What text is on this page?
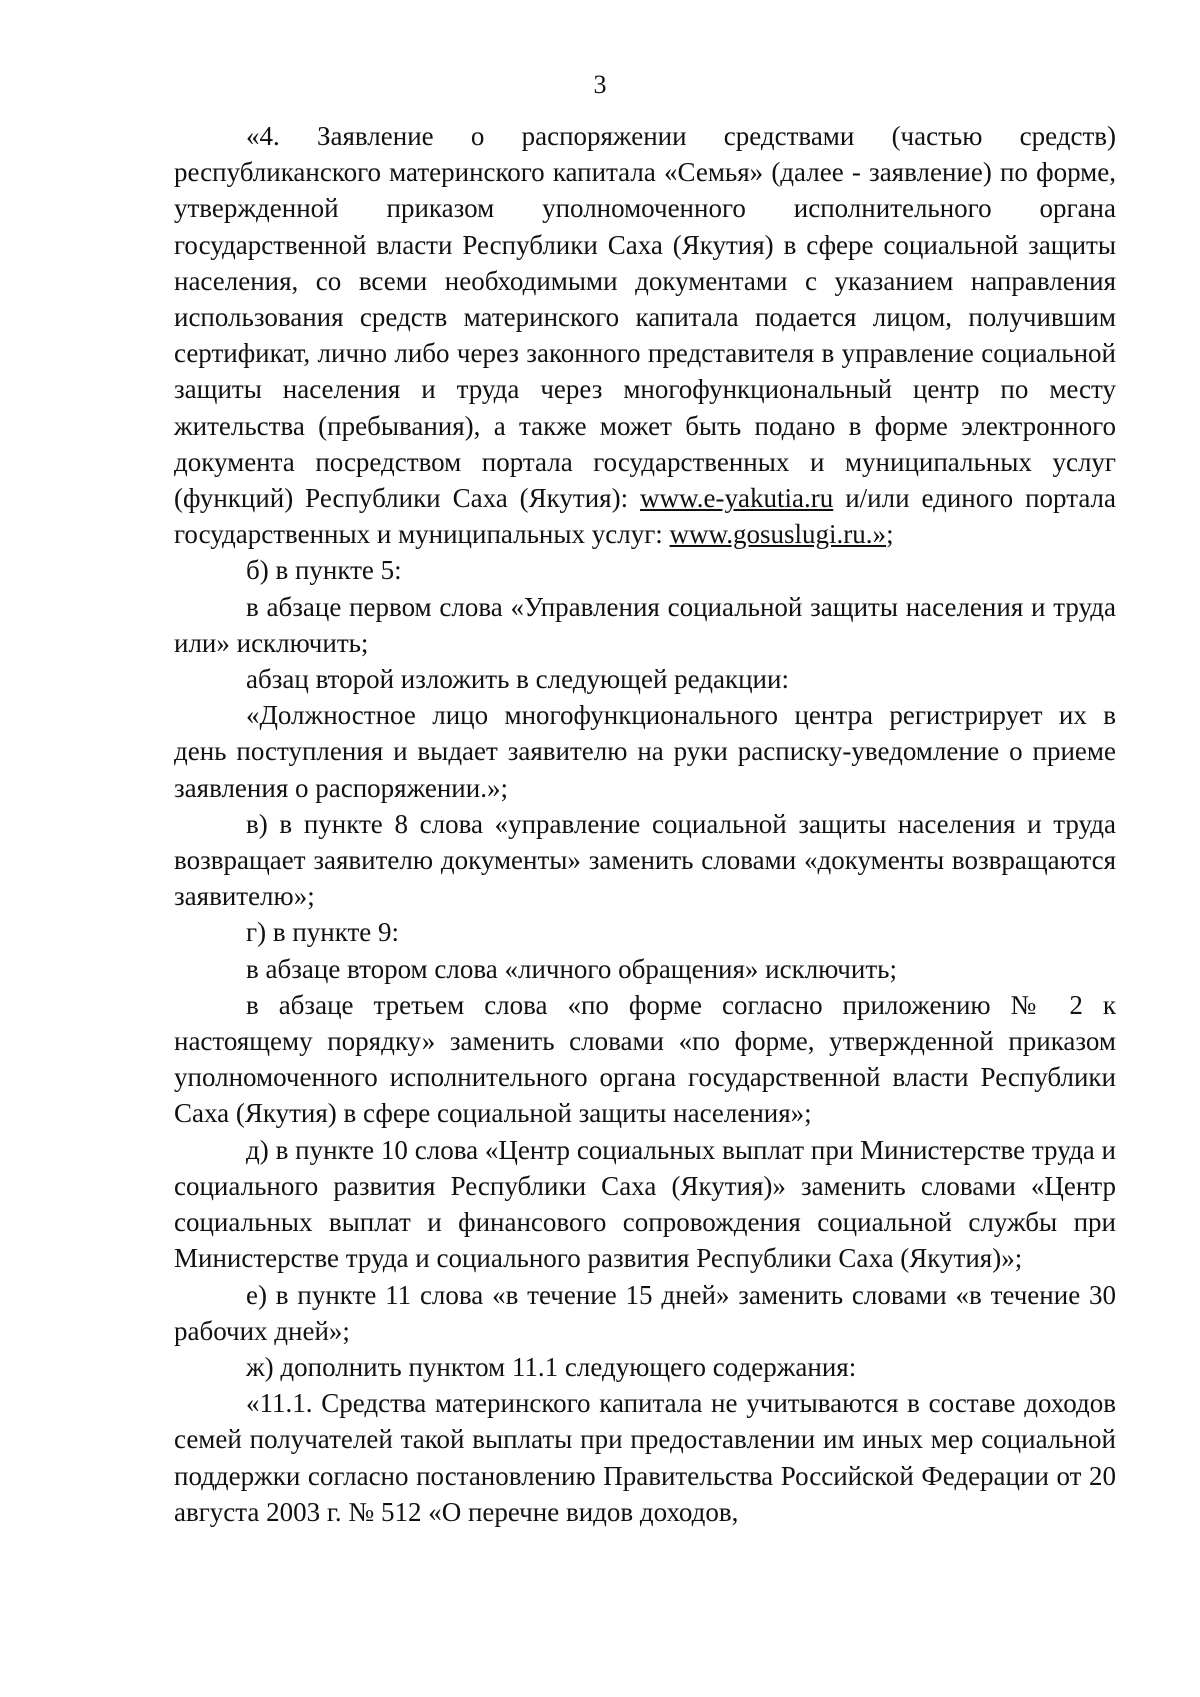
3

«4. Заявление о распоряжении средствами (частью средств) республиканского материнского капитала «Семья» (далее - заявление) по форме, утвержденной приказом уполномоченного исполнительного органа государственной власти Республики Саха (Якутия) в сфере социальной защиты населения, со всеми необходимыми документами с указанием направления использования средств материнского капитала подается лицом, получившим сертификат, лично либо через законного представителя в управление социальной защиты населения и труда через многофункциональный центр по месту жительства (пребывания), а также может быть подано в форме электронного документа посредством портала государственных и муниципальных услуг (функций) Республики Саха (Якутия): www.e-yakutia.ru и/или единого портала государственных и муниципальных услуг: www.gosuslugi.ru.»;

б) в пункте 5:

в абзаце первом слова «Управления социальной защиты населения и труда или» исключить;

абзац второй изложить в следующей редакции:

«Должностное лицо многофункционального центра регистрирует их в день поступления и выдает заявителю на руки расписку-уведомление о приеме заявления о распоряжении.»;

в) в пункте 8 слова «управление социальной защиты населения и труда возвращает заявителю документы» заменить словами «документы возвращаются заявителю»;

г) в пункте 9:

в абзаце втором слова «личного обращения» исключить;

в абзаце третьем слова «по форме согласно приложению № 2 к настоящему порядку» заменить словами «по форме, утвержденной приказом уполномоченного исполнительного органа государственной власти Республики Саха (Якутия) в сфере социальной защиты населения»;

д) в пункте 10 слова «Центр социальных выплат при Министерстве труда и социального развития Республики Саха (Якутия)» заменить словами «Центр социальных выплат и финансового сопровождения социальной службы при Министерстве труда и социального развития Республики Саха (Якутия)»;

е) в пункте 11 слова «в течение 15 дней» заменить словами «в течение 30 рабочих дней»;

ж) дополнить пунктом 11.1 следующего содержания:

«11.1. Средства материнского капитала не учитываются в составе доходов семей получателей такой выплаты при предоставлении им иных мер социальной поддержки согласно постановлению Правительства Российской Федерации от 20 августа 2003 г. № 512 «О перечне видов доходов,
